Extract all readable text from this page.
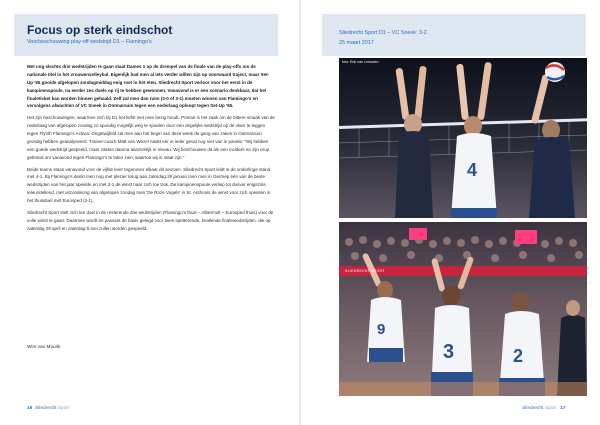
Focus op sterk eindschot
Voorbeschouwing play-off wedstrijd D1 – Flamingo's

Met nog slechts drie wedstrijden te gaan staat Dames 1 op de drempel van de finale van de play-offs om de nationale titel in het vrouwenvolleybal. Eigenlijk had men al iets verder willen zijn op voorwaard traject, maar Set-Up '65 gooide afgelopen zondagmiddag enig roet in het eten. Sliedrecht Sport verloor voor het eerst in de kampioenspoule, na eerder zes duels op rij te hebben gewonnen. Vanavond is er een scenario denkbaar, dat het finaleticket kan worden binnen gehaald. Zelf zal men dan ruim (3-0 of 3-1) moeten winnen van Flamingo's en vervolgens afwachten of VC Sneek in Ootmarsum tegen een nederlaag oploopt tegen Set-Up '65.

Het zijn beschouwingen, waarmen zich bij D1 het liefst niet mee bezig houdt. Primair is het zaak om de bittere smaak van de nederlaag van afgelopen zondag zo spoedig mogelijk weg te spoelen door een degelijke wedstrijd op de vloer te leggen tegen Flynth Flamingo's Activia. Ongetwijfeld zal men aan het begin van deze week de gang van zaken in Ootmarsum grondig hebben geanalyseerd. Trainer-coach Matt van Wezel naakt eer in ieder geval nog niet van in paniek: "Wij hebben een goede wedstrijd gespeeld, maar zakten daarna aanzienlijk in niveau. Wij beschouwen dit als een incident en zijn erop gebrand om vanavond tegen Flamingo's te laten zien, waartoe wij in staat zijn."

Beide teams staan vanavond voor de vijfde keer tegenover elkaar dit seizoen. Sliedrecht Sport leidt in de onderlinge stand met 4-1. Bij Flamingo's denkt men nog met plezier terug aan zaterdag 28 januari toen men in Germep één van de beste wedstrijden van het jaar speelde en met 3-1 de winst naar zich toe trok. De kampioenspoule verliep tot dusver enigszins teleurstellend, met uitzondering van afgelopen zondag toen 'De Roze Vogels' in St. Anthonis de winst voor zich opeisten in het thuisduel met Eurosped (3-1).

Sliedrecht Sport stelt zich ten doel in de resterende drie wedstrijden (Flamingo's thuis – Albermolt – Eurosped thuis) voor de volle winst te gaan. Daarmee wordt en passant de basis gelegd voor twee spetterende, knallende finalewedstrijden, die op zaterdag 29 april en zaterdag 6 mei zullen worden gespeeld.

Wim van Mourik
16 Sliedrecht Sport
Sliedrecht Sport D1 – VC Sneek: 3-2
25 maart 2017
4
foto: Erik van Leeuwen
9
3	2
SLIEDRECHT SPORT
Sliedrecht Sport 17
